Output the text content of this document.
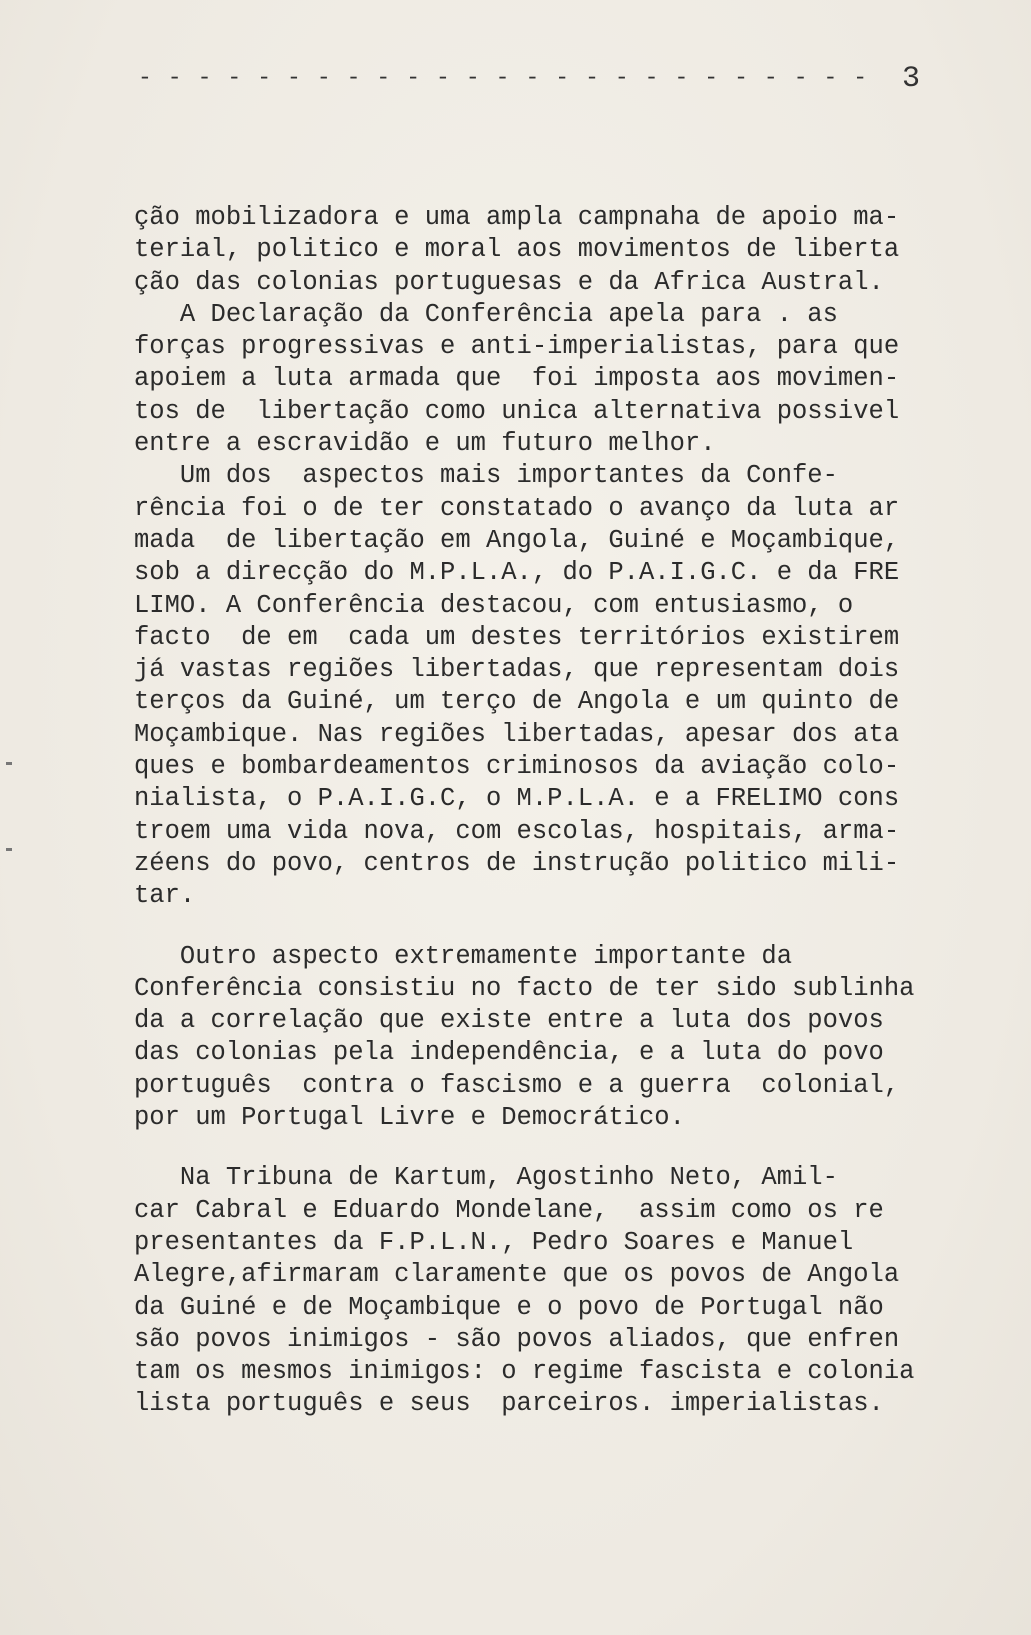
- - - - - - - - - - - - - - - - - - - - - - - - - 3
ção mobilizadora e uma ampla campnaha de apoio ma-
terial, politico e moral aos movimentos de liberta
ção das colonias portuguesas e da Africa Austral.
A Declaração da Conferência apela para . as
forças progressivas e anti-imperialistas, para que
apoiem a luta armada que  foi imposta aos movimen-
tos de  libertação como unica alternativa possivel
entre a escravidão e um futuro melhor.
Um dos  aspectos mais importantes da Confe-
rência foi o de ter constatado o avanço da luta ar
mada  de libertação em Angola, Guiné e Moçambique,
sob a direcção do M.P.L.A., do P.A.I.G.C. e da FRE
LIMO. A Conferência destacou, com entusiasmo, o
facto  de em  cada um destes territórios existirem
já vastas regiões libertadas, que representam dois
terços da Guiné, um terço de Angola e um quinto de
Moçambique. Nas regiões libertadas, apesar dos ata
ques e bombardeamentos criminosos da aviação colo-
nialista, o P.A.I.G.C, o M.P.L.A. e a FRELIMO cons
troem uma vida nova, com escolas, hospitais, arma-
zéens do povo, centros de instrução politico mili-
tar.
Outro aspecto extremamente importante da
Conferência consistiu no facto de ter sido sublinha
da a correlação que existe entre a luta dos povos
das colonias pela independência, e a luta do povo
português  contra o fascismo e a guerra  colonial,
por um Portugal Livre e Democrático.
Na Tribuna de Kartum, Agostinho Neto, Amil-
car Cabral e Eduardo Mondelane,  assim como os re
presentantes da F.P.L.N., Pedro Soares e Manuel
Alegre,afirmaram claramente que os povos de Angola
da Guiné e de Moçambique e o povo de Portugal não
são povos inimigos - são povos aliados, que enfren
tam os mesmos inimigos: o regime fascista e colonia
lista português e seus  parceiros. imperialistas.
